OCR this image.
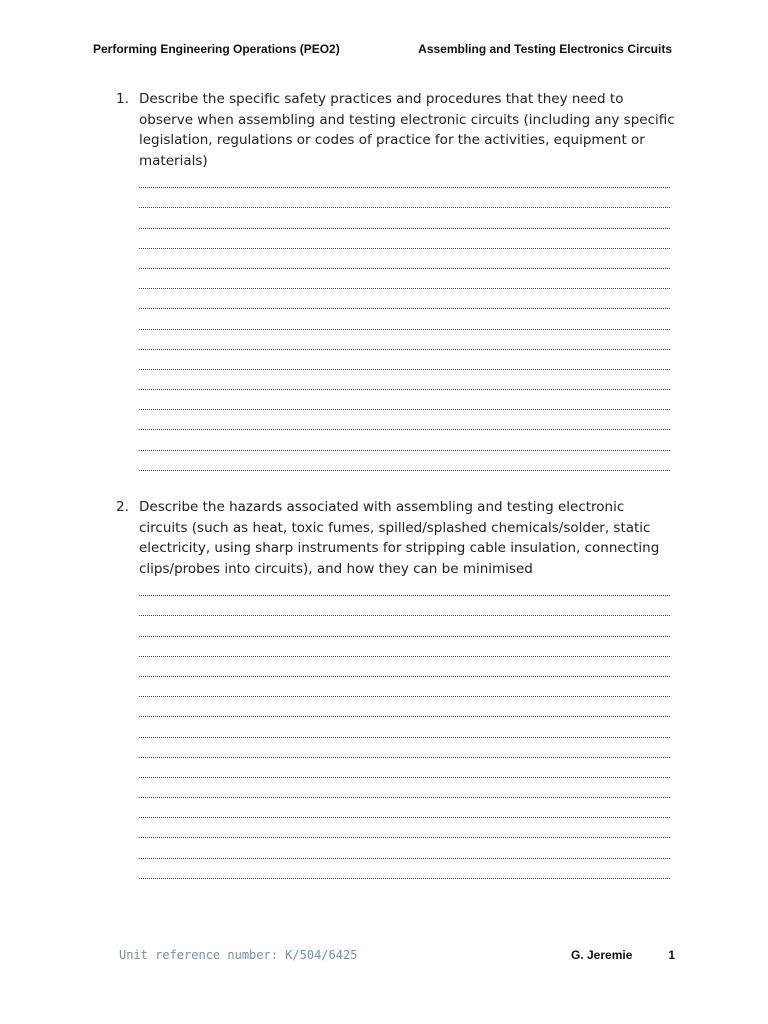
Performing Engineering Operations (PEO2)	Assembling and Testing Electronics Circuits
1. Describe the specific safety practices and procedures that they need to observe when assembling and testing electronic circuits (including any specific legislation, regulations or codes of practice for the activities, equipment or materials)
2. Describe the hazards associated with assembling and testing electronic circuits (such as heat, toxic fumes, spilled/splashed chemicals/solder, static electricity, using sharp instruments for stripping cable insulation, connecting clips/probes into circuits), and how they can be minimised
Unit reference number: K/504/6425	G. Jeremie	1
